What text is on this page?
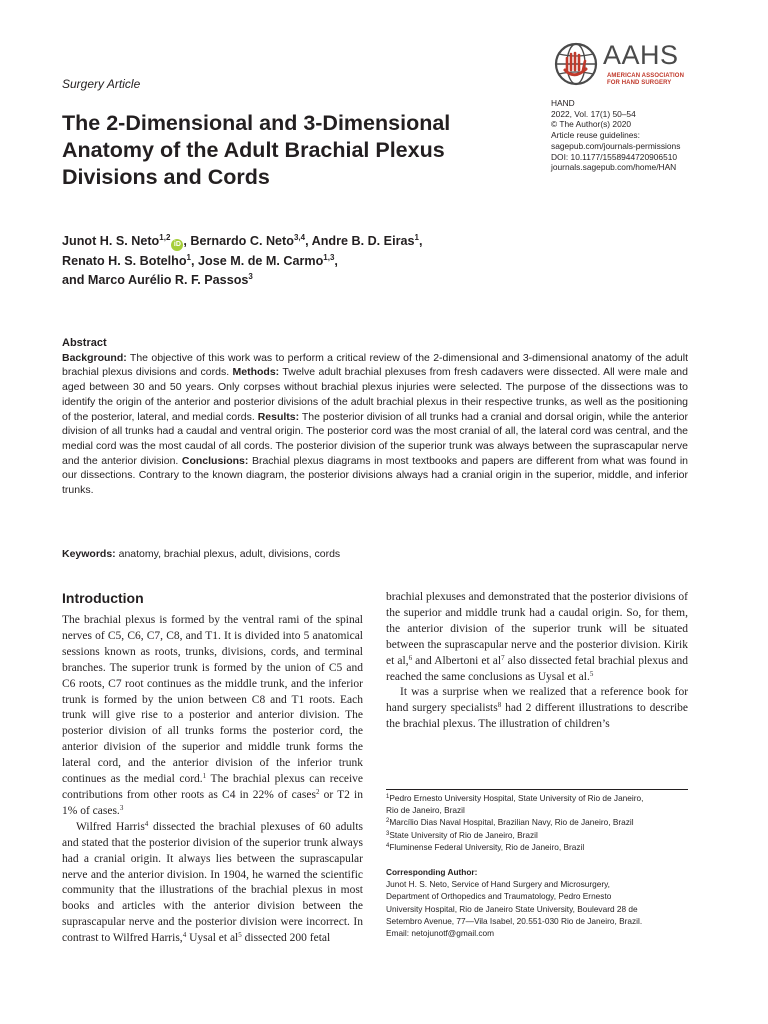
Surgery Article
The 2-Dimensional and 3-Dimensional
Anatomy of the Adult Brachial Plexus
Divisions and Cords
AAHS
AMERICAN ASSOCIATION
FOR HAND SURGERY
HAND
2022, Vol. 17(1) 50–54
© The Author(s) 2020
Article reuse guidelines:
sagepub.com/journals-permissions
DOI: 10.1177/1558944720906510
journals.sagepub.com/home/HAN
Junot H. S. Neto$^{1,2}$iD , Bernardo C. Neto$^{3,4}$, Andre B. D. Eiras$^1$,
Renato H. S. Botelho$^1$, Jose M. de M. Carmo$^{1,3}$,
and Marco Aurélio R. F. Passos$^3$
Abstract

Background: The objective of this work was to perform a critical review of the 2-dimensional and 3-dimensional anatomy of the adult brachial plexus divisions and cords. Methods: Twelve adult brachial plexuses from fresh cadavers were dissected. All were male and aged between 30 and 50 years. Only corpses without brachial plexus injuries were selected. The purpose of the dissections was to identify the origin of the anterior and posterior divisions of the adult brachial plexus in their respective trunks, as well as the positioning of the posterior, lateral, and medial cords. Results: The posterior division of all trunks had a cranial and dorsal origin, while the anterior division of all trunks had a caudal and ventral origin. The posterior cord was the most cranial of all, the lateral cord was central, and the medial cord was the most caudal of all cords. The posterior division of the superior trunk was always between the suprascapular nerve and the anterior division. Conclusions: Brachial plexus diagrams in most textbooks and papers are different from what was found in our dissections. Contrary to the known diagram, the posterior divisions always had a cranial origin in the superior, middle, and inferior trunks.

Keywords: anatomy, brachial plexus, adult, divisions, cords
Introduction

The brachial plexus is formed by the ventral rami of the spinal nerves of C5, C6, C7, C8, and T1. It is divided into 5 anatomical sessions known as roots, trunks, divisions, cords, and terminal branches. The superior trunk is formed by the union of C5 and C6 roots, C7 root continues as the middle trunk, and the inferior trunk is formed by the union between C8 and T1 roots. Each trunk will give rise to a posterior and anterior division. The posterior division of all trunks forms the posterior cord, the anterior division of the superior and middle trunk forms the lateral cord, and the anterior division of the inferior trunk continues as the medial cord.$^1$ The brachial plexus can receive contributions from other roots as C4 in 22% of cases$^2$ or T2 in 1% of cases.$^3$

Wilfred Harris$^4$ dissected the brachial plexuses of 60 adults and stated that the posterior division of the superior trunk always had a cranial origin. It always lies between the suprascapular nerve and the anterior division. In 1904, he warned the scientific community that the illustrations of the brachial plexus in most books and articles with the anterior division between the suprascapular nerve and the posterior division were incorrect. In contrast to Wilfred Harris,$^4$ Uysal et $al^5$ dissected 200 fetal

brachial plexuses and demonstrated that the posterior divisions of the superior and middle trunk had a caudal origin. So, for them, the anterior division of the superior trunk will be situated between the suprascapular nerve and the posterior division. Kirik et al,$^6$ and Albertoni et $al^7$ also dissected fetal brachial plexus and reached the same conclusions as Uysal et al.$^5$

It was a surprise when we realized that a reference book for hand surgery specialists$^8$ had 2 different illustrations to describe the brachial plexus. The illustration of children’s

$^1$Pedro Ernesto University Hospital, State University of Rio de Janeiro,
Rio de Janeiro, Brazil
$^2$Marcílio Dias Naval Hospital, Brazilian Navy, Rio de Janeiro, Brazil
$^3$State University of Rio de Janeiro, Brazil
$^4$Fluminense Federal University, Rio de Janeiro, Brazil
Corresponding Author:
Junot H. S. Neto, Service of Hand Surgery and Microsurgery,
Department of Orthopedics and Traumatology, Pedro Ernesto
University Hospital, Rio de Janeiro State University, Boulevard 28 de
Setembro Avenue, 77—Vila Isabel, 20.551-030 Rio de Janeiro, Brazil.
Email: netojunotf@gmail.com
